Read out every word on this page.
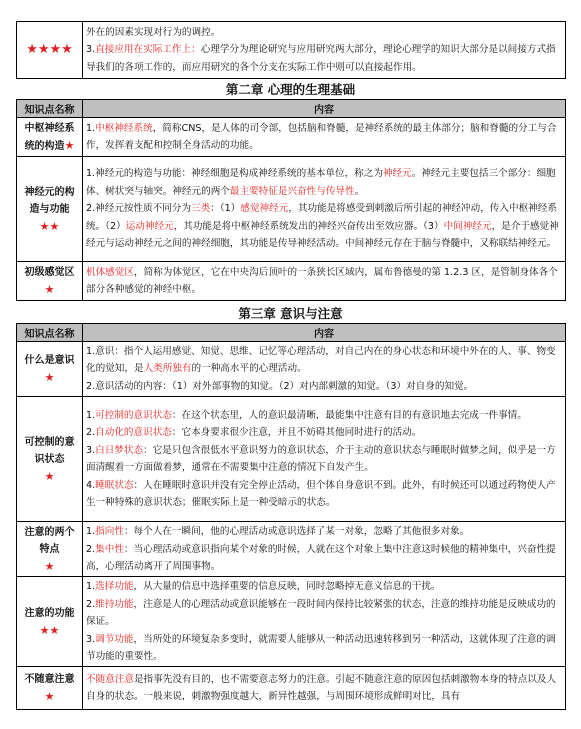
★★★★	
外在的因素实现对行为的调控。
3.直接应用在实际工作上：心理学分为理论研究与应用研究两大部分，理论心理学的知识大部分是以间接方式指导我们的各项工作的，而应用研究的各个分支在实际工作中则可以直接起作用。
第二章 心理的生理基础
知识点名称	内容
中枢神经系统的构造★	1.中枢神经系统，简称CNS，是人体的司令部，包括脑和脊髓，是神经系统的最主体部分；脑和脊髓的分工与合作，发挥着支配和控制全身活动的功能。

神经元的构造与功能
★★	1.神经元的构造与功能：神经细胞是构成神经系统的基本单位，称之为神经元。神经元主要包括三个部分：细胞体、树状突与轴突。神经元的两个最主要特征是兴奋性与传导性。
2.神经元按性质不同分为三类：（1）感觉神经元，其功能是将感受到刺激后所引起的神经冲动，传入中枢神经系统。（2）运动神经元，其功能是将中枢神经系统发出的神经兴奋传出至效应器。（3）中间神经元，是介于感觉神经元与运动神经元之间的神经细胞，其功能是传导神经活动。中间神经元存在于脑与脊髓中，又称联结神经元。

初级感觉区★	机体感觉区，简称为体觉区，它在中央沟后顶叶的一条狭长区域内，属布鲁德曼的第 1.2.3 区，是管制身体各个部分各种感觉的神经中枢。
第三章 意识与注意
知识点名称	内容

什么是意识
★	1.意识：指个人运用感觉、知觉、思维、记忆等心理活动，对自己内在的身心状态和环境中外在的人、事、物变化的觉知，是人类所独有的一种高水平的心理活动。
2.意识活动的内容：（1）对外部事物的知觉。（2）对内部刺激的知觉。（3）对自身的知觉。

可控制的意识状态
★	1.可控制的意识状态：在这个状态里，人的意识最清晰，最能集中注意有目的有意识地去完成一件事情。
2.自动化的意识状态：它本身要求很少注意，并且不妨碍其他同时进行的活动。
3.白日梦状态：它是只包含很低水平意识努力的意识状态，介于主动的意识状态与睡眠时做梦之间，似乎是一方面清醒着一方面做着梦，通常在不需要集中注意的情况下自发产生。
4.睡眠状态：人在睡眠时意识并没有完全停止活动，但个体自身意识不到。此外，有时候还可以通过药物使人产生一种特殊的意识状态；催眠实际上是一种受暗示的状态。

注意的两个特点
★	1.指向性：每个人在一瞬间，他的心理活动或意识选择了某一对象，忽略了其他很多对象。
2.集中性：当心理活动或意识指向某个对象的时候，人就在这个对象上集中注意这时候他的精神集中，兴奋性提高，心理活动离开了周围事物。

注意的功能
★★	1.选择功能，从大量的信息中选择重要的信息反映，同时忽略掉无意义信息的干扰。
2.维持功能，注意是人的心理活动或意识能够在一段时间内保持比较紧张的状态，注意的维持功能是反映成功的保证。
3.调节功能，当所处的环境复杂多变时，就需要人能够从一种活动迅速转移到另一种活动，这就体现了注意的调节功能的重要性。

不随意注意
★	不随意注意是指事先没有目的，也不需要意志努力的注意。引起不随意注意的原因包括刺激物本身的特点以及人自身的状态。一般来说，刺激物强度越大，新异性越强，与周围环境形成鲜明对比，具有
